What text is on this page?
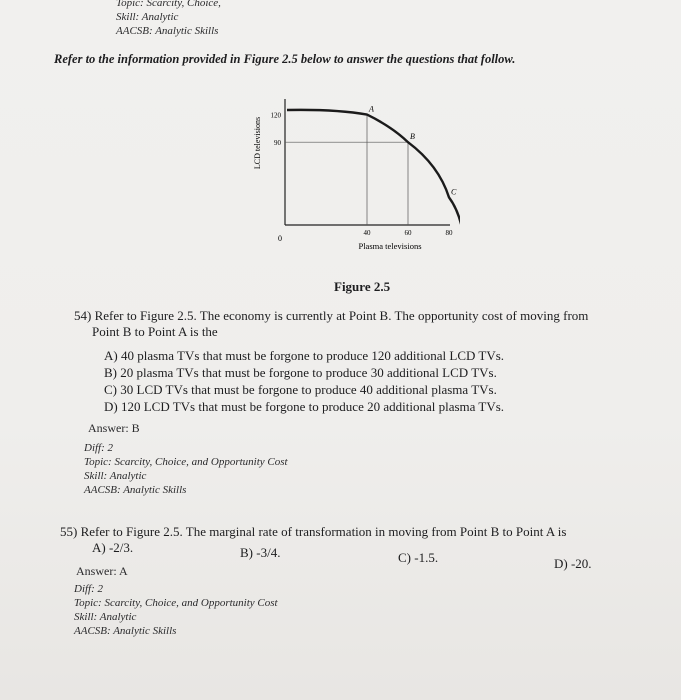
Topic: Scarcity, Choice,
Skill: Analytic
AACSB: Analytic Skills
Refer to the information provided in Figure 2.5 below to answer the questions that follow.
A
B
C
120
90
40	60	80
0
Plasma televisions
LCD televisions
Figure 2.5
54) Refer to Figure 2.5. The economy is currently at Point B. The opportunity cost of moving from
Point B to Point A is the
A) 40 plasma TVs that must be forgone to produce 120 additional LCD TVs.
B) 20 plasma TVs that must be forgone to produce 30 additional LCD TVs.
C) 30 LCD TVs that must be forgone to produce 40 additional plasma TVs.
D) 120 LCD TVs that must be forgone to produce 20 additional plasma TVs.
Answer: B
Diff: 2
Topic: Scarcity, Choice, and Opportunity Cost
Skill: Analytic
AACSB: Analytic Skills
55) Refer to Figure 2.5. The marginal rate of transformation in moving from Point B to Point A is
A) -2/3.	B) -3/4.	C) -1.5.	D) -20.
Answer: A
Diff: 2
Topic: Scarcity, Choice, and Opportunity Cost
Skill: Analytic
AACSB: Analytic Skills
